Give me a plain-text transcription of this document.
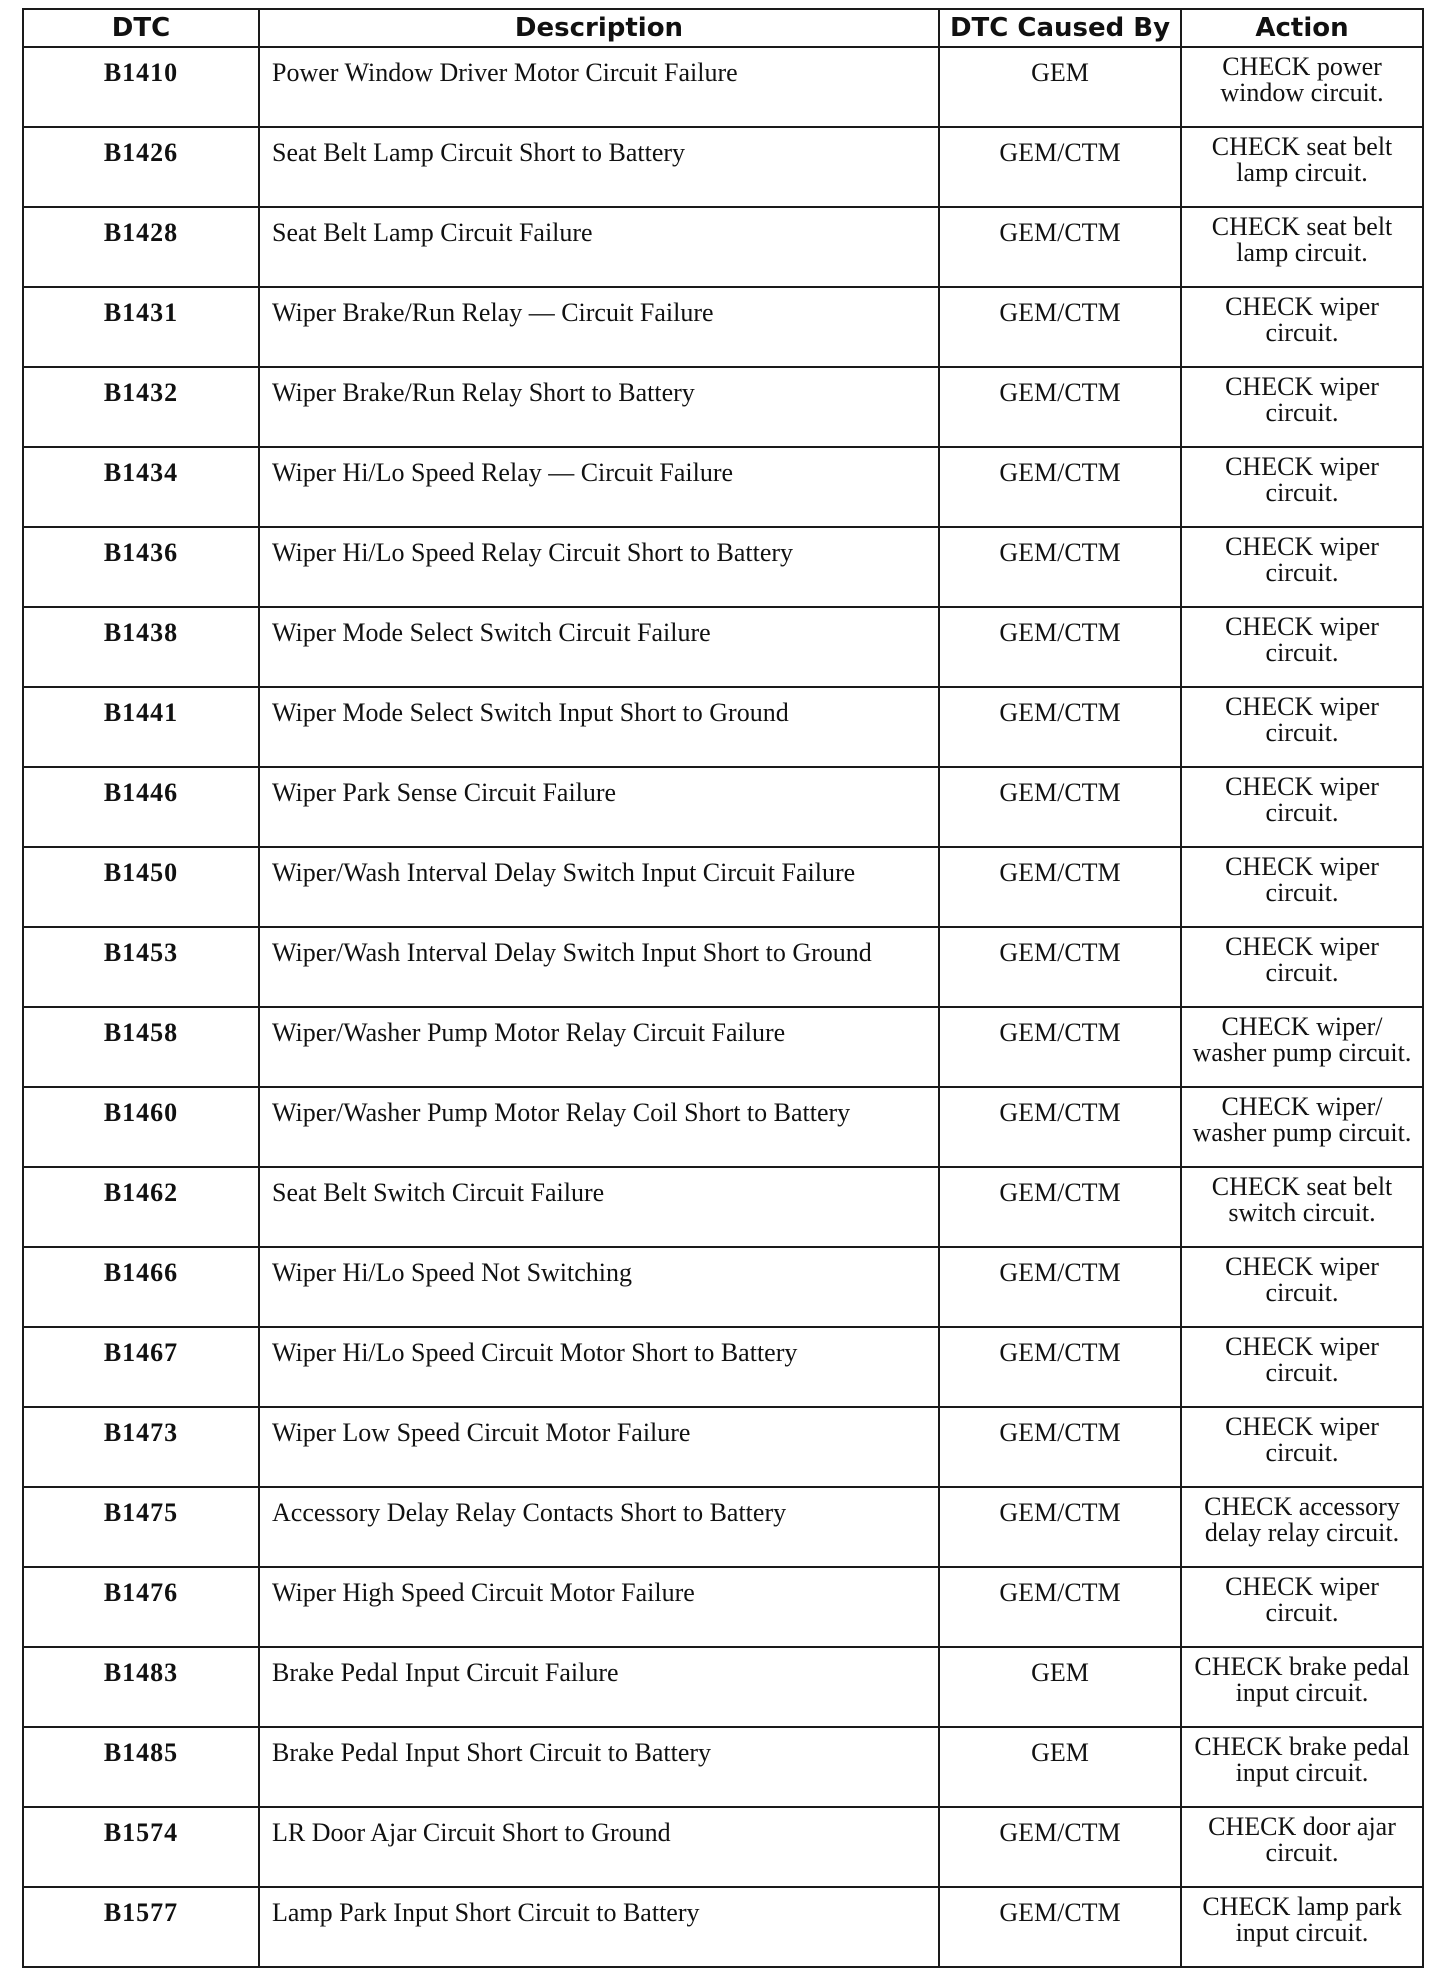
DTC	Description	DTC Caused By	Action
B1410	Power Window Driver Motor Circuit Failure	GEM	CHECK power
window circuit.

B1426	Seat Belt Lamp Circuit Short to Battery	GEM/CTM	CHECK seat belt
lamp circuit.

B1428	Seat Belt Lamp Circuit Failure	GEM/CTM	CHECK seat belt
lamp circuit.

B1431	Wiper Brake/Run Relay — Circuit Failure	GEM/CTM	CHECK wiper
circuit.

B1432	Wiper Brake/Run Relay Short to Battery	GEM/CTM	CHECK wiper
circuit.

B1434	Wiper Hi/Lo Speed Relay — Circuit Failure	GEM/CTM	CHECK wiper
circuit.

B1436	Wiper Hi/Lo Speed Relay Circuit Short to Battery	GEM/CTM	CHECK wiper
circuit.

B1438	Wiper Mode Select Switch Circuit Failure	GEM/CTM	CHECK wiper
circuit.

B1441	Wiper Mode Select Switch Input Short to Ground	GEM/CTM	CHECK wiper
circuit.

B1446	Wiper Park Sense Circuit Failure	GEM/CTM	CHECK wiper
circuit.

B1450	Wiper/Wash Interval Delay Switch Input Circuit Failure	GEM/CTM	CHECK wiper
circuit.

B1453	Wiper/Wash Interval Delay Switch Input Short to Ground	GEM/CTM	CHECK wiper
circuit.

B1458	Wiper/Washer Pump Motor Relay Circuit Failure	GEM/CTM	CHECK wiper/
washer pump circuit.

B1460	Wiper/Washer Pump Motor Relay Coil Short to Battery	GEM/CTM	CHECK wiper/
washer pump circuit.

B1462	Seat Belt Switch Circuit Failure	GEM/CTM	CHECK seat belt
switch circuit.

B1466	Wiper Hi/Lo Speed Not Switching	GEM/CTM	CHECK wiper
circuit.

B1467	Wiper Hi/Lo Speed Circuit Motor Short to Battery	GEM/CTM	CHECK wiper
circuit.

B1473	Wiper Low Speed Circuit Motor Failure	GEM/CTM	CHECK wiper
circuit.

B1475	Accessory Delay Relay Contacts Short to Battery	GEM/CTM	CHECK accessory
delay relay circuit.

B1476	Wiper High Speed Circuit Motor Failure	GEM/CTM	CHECK wiper
circuit.

B1483	Brake Pedal Input Circuit Failure	GEM	CHECK brake pedal
input circuit.

B1485	Brake Pedal Input Short Circuit to Battery	GEM	CHECK brake pedal
input circuit.

B1574	LR Door Ajar Circuit Short to Ground	GEM/CTM	CHECK door ajar
circuit.

B1577	Lamp Park Input Short Circuit to Battery	GEM/CTM	CHECK lamp park
input circuit.
